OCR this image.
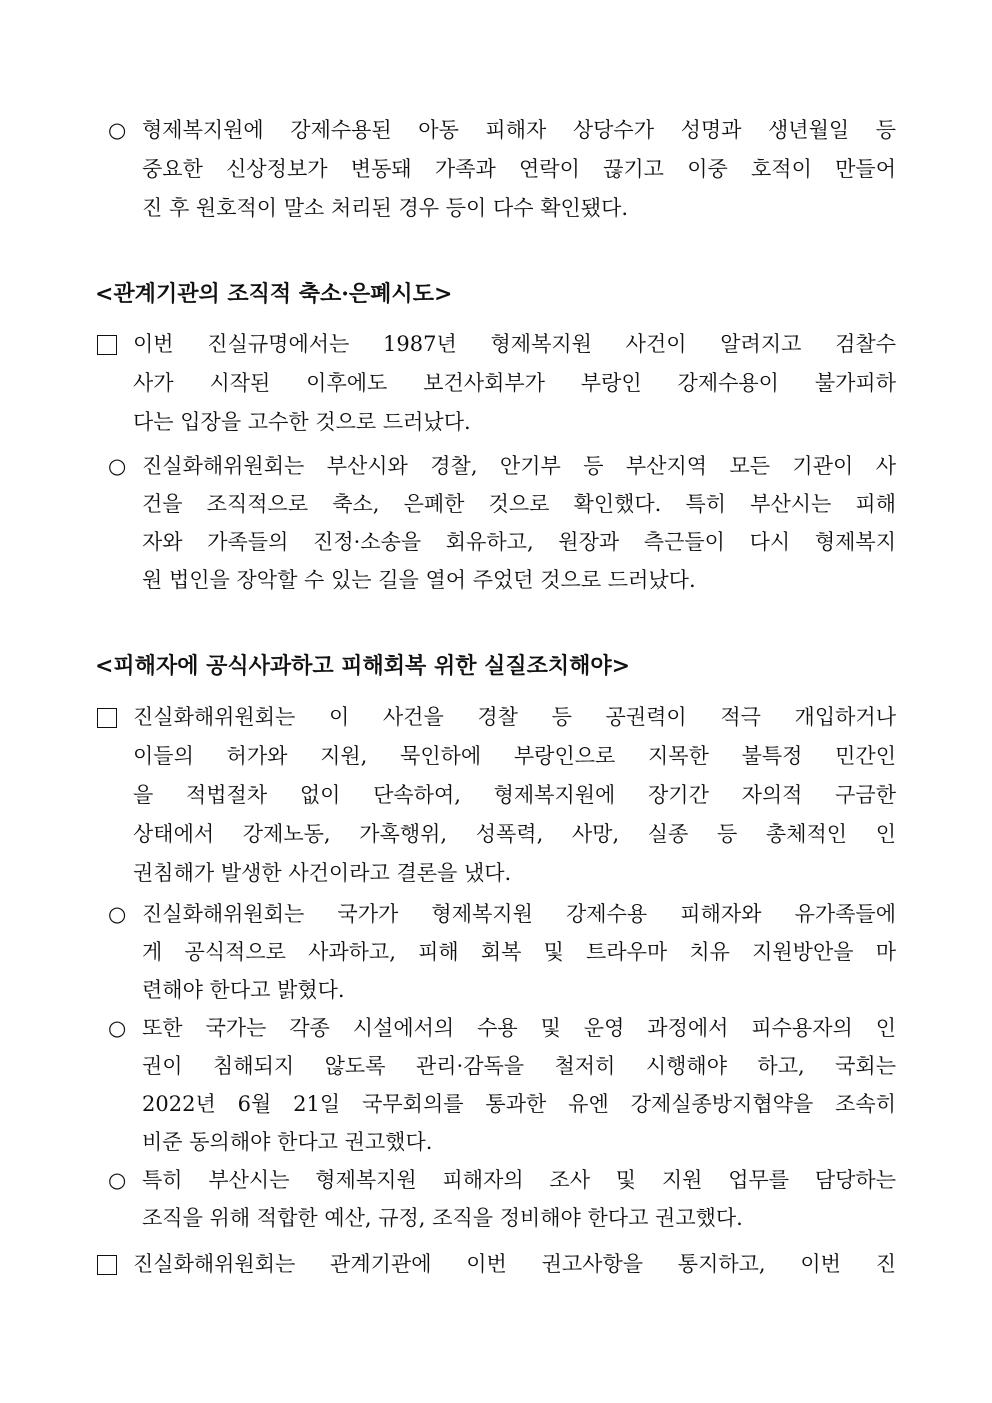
○ 형제복지원에 강제수용된 아동 피해자 상당수가 성명과 생년월일 등
중요한 신상정보가 변동돼 가족과 연락이 끊기고 이중 호적이 만들어
진 후 원호적이 말소 처리된 경우 등이 다수 확인됐다.
<관계기관의 조직적 축소·은폐시도>
이번 진실규명에서는 1987년 형제복지원 사건이 알려지고 검찰수
사가 시작된 이후에도 보건사회부가 부랑인 강제수용이 불가피하
다는 입장을 고수한 것으로 드러났다.
○ 진실화해위원회는 부산시와 경찰, 안기부 등 부산지역 모든 기관이 사
건을 조직적으로 축소, 은폐한 것으로 확인했다. 특히 부산시는 피해
자와 가족들의 진정·소송을 회유하고, 원장과 측근들이 다시 형제복지
원 법인을 장악할 수 있는 길을 열어 주었던 것으로 드러났다.
<피해자에 공식사과하고 피해회복 위한 실질조치해야>
진실화해위원회는 이 사건을 경찰 등 공권력이 적극 개입하거나
이들의 허가와 지원, 묵인하에 부랑인으로 지목한 불특정 민간인
을 적법절차 없이 단속하여, 형제복지원에 장기간 자의적 구금한
상태에서 강제노동, 가혹행위, 성폭력, 사망, 실종 등 총체적인 인
권침해가 발생한 사건이라고 결론을 냈다.
○ 진실화해위원회는 국가가 형제복지원 강제수용 피해자와 유가족들에
게 공식적으로 사과하고, 피해 회복 및 트라우마 치유 지원방안을 마
련해야 한다고 밝혔다.
○ 또한 국가는 각종 시설에서의 수용 및 운영 과정에서 피수용자의 인
권이 침해되지 않도록 관리·감독을 철저히 시행해야 하고, 국회는
2022년 6월 21일 국무회의를 통과한 유엔 강제실종방지협약을 조속히
비준 동의해야 한다고 권고했다.
○ 특히 부산시는 형제복지원 피해자의 조사 및 지원 업무를 담당하는
조직을 위해 적합한 예산, 규정, 조직을 정비해야 한다고 권고했다.
진실화해위원회는 관계기관에 이번 권고사항을 통지하고, 이번 진
